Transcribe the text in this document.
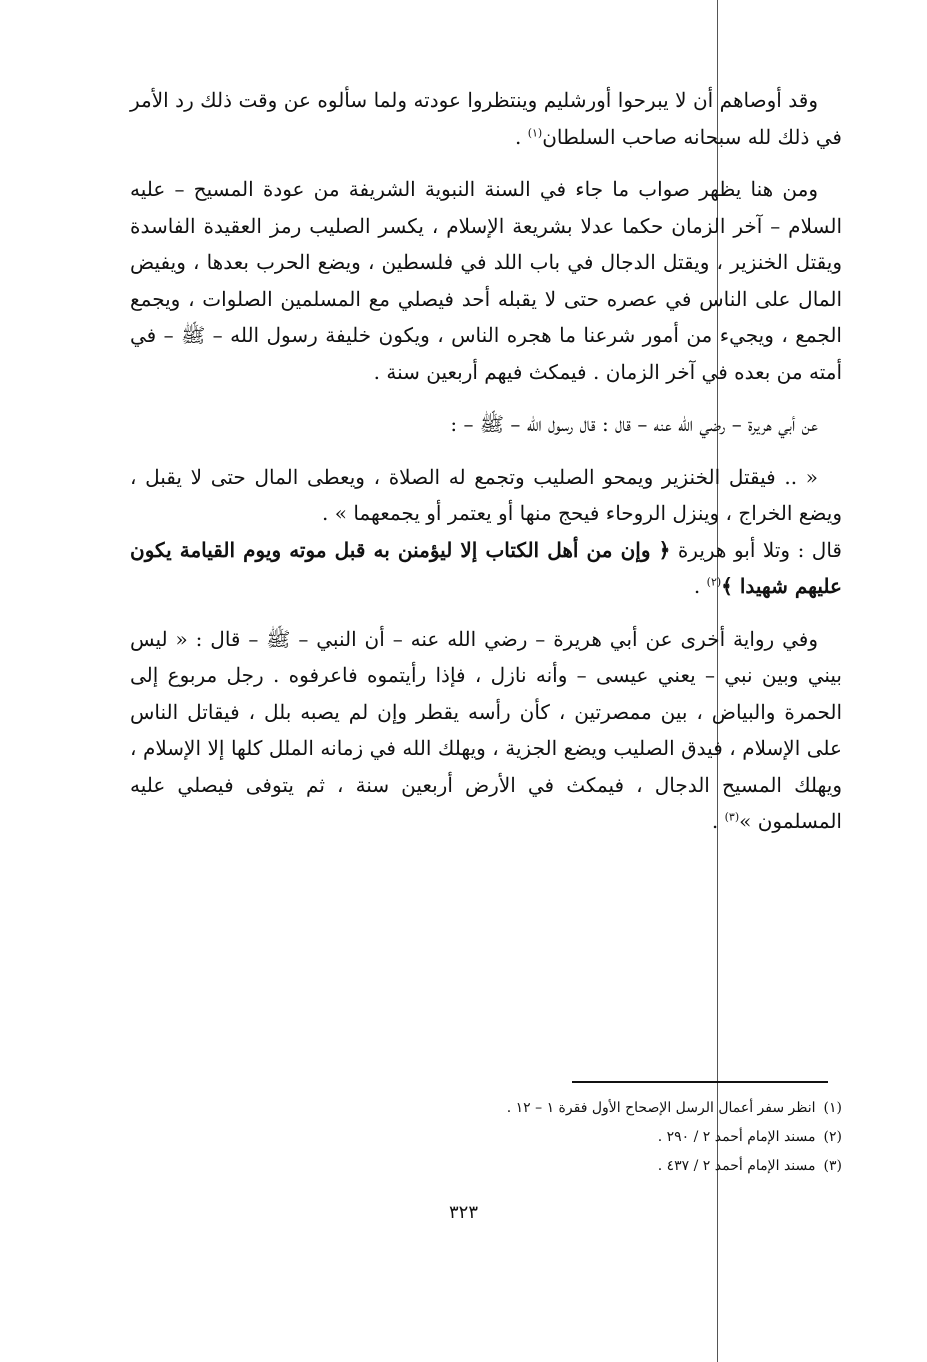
وقد أوصاهم أن لا يبرحوا أورشليم وينتظروا عودته ولما سألوه عن وقت ذلك رد الأمر في ذلك لله سبحانه صاحب السلطان$^{(١)}$ .

ومن هنا يظهر صواب ما جاء في السنة النبوية الشريفة من عودة المسيح – عليه السلام – آخر الزمان حكما عدلا بشريعة الإسلام ، يكسر الصليب رمز العقيدة الفاسدة ويقتل الخنزير ، ويقتل الدجال في باب اللد في فلسطين ، ويضع الحرب بعدها ، ويفيض المال على الناس في عصره حتى لا يقبله أحد فيصلي مع المسلمين الصلوات ، ويجمع الجمع ، ويجيء من أمور شرعنا ما هجره الناس ، ويكون خليفة رسول الله – ﷺ – في أمته من بعده في آخر الزمان . فيمكث فيهم أربعين سنة .

عن أبي هريرة – رضي الله عنه – قال : قال رسول الله – ﷺ – :

« .. فيقتل الخنزير ويمحو الصليب وتجمع له الصلاة ، ويعطى المال حتى لا يقبل ، ويضع الخراج ، وينزل الروحاء فيحج منها أو يعتمر أو يجمعهما » .

قال : وتلا أبو هريرة ﴿ وإن من أهل الكتاب إلا ليؤمنن به قبل موته ويوم القيامة يكون عليهم شهيدا ﴾$^{(٢)}$ .

وفي رواية أخرى عن أبي هريرة – رضي الله عنه – أن النبي – ﷺ – قال : « ليس بيني وبين نبي – يعني عيسى – وأنه نازل ، فإذا رأيتموه فاعرفوه . رجل مربوع إلى الحمرة والبياض ، بين ممصرتين ، كأن رأسه يقطر وإن لم يصبه بلل ، فيقاتل الناس على الإسلام ، فيدق الصليب ويضع الجزية ، ويهلك الله في زمانه الملل كلها إلا الإسلام ، ويهلك المسيح الدجال ، فيمكث في الأرض أربعين سنة ، ثم يتوفى فيصلي عليه المسلمون »$^{(٣)}$ .

(١)انظر سفر أعمال الرسل الإصحاح الأول فقرة ١ – ١٢ .
(٢)مسند الإمام أحمد ٢ / ٢٩٠ .
(٣)مسند الإمام أحمد ٢ / ٤٣٧ .
٣٢٣
